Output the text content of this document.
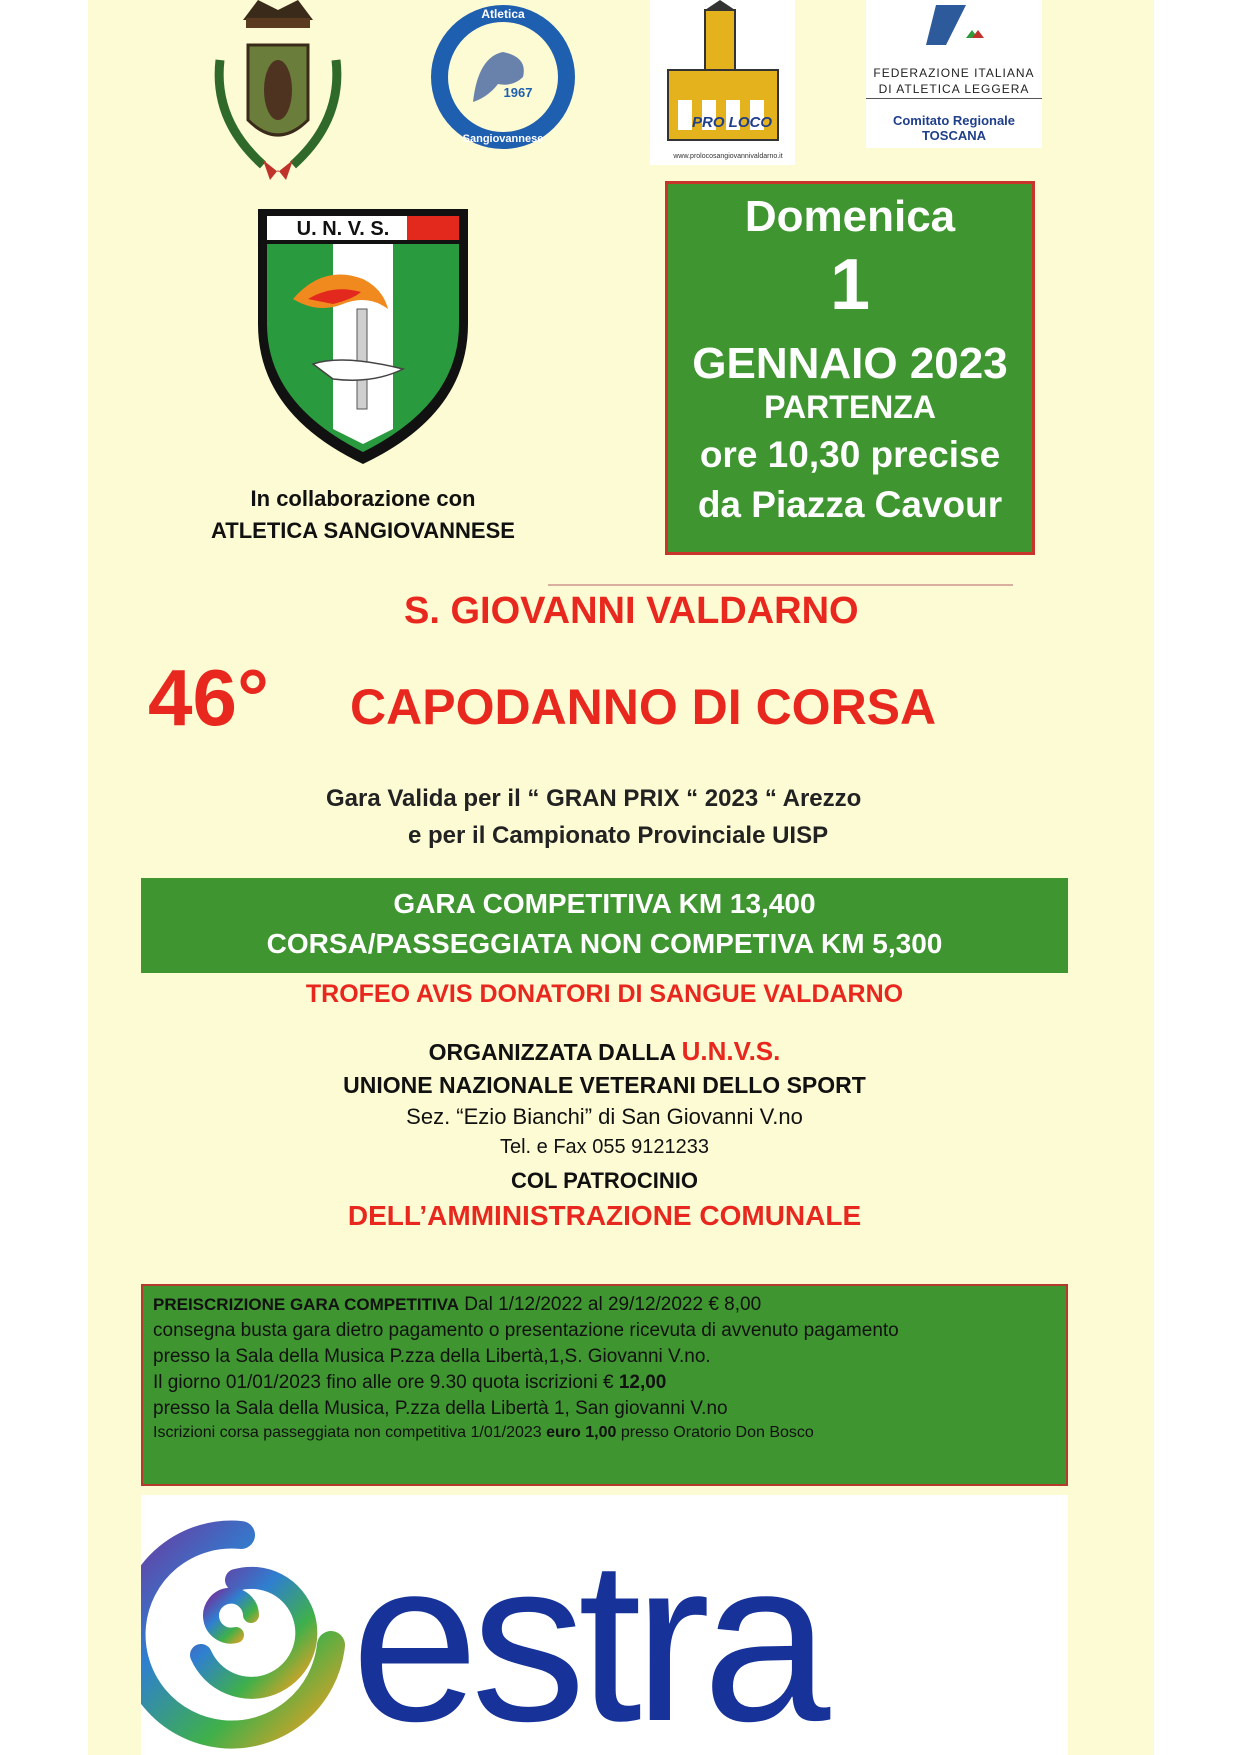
Atletica
1967
Sangiovannese
PRO LOCO
www.prolocosangiovannivaldarno.it
FEDERAZIONE ITALIANA
DI ATLETICA LEGGERA
Comitato Regionale TOSCANA
U. N. V. S.
In collaborazione con
ATLETICA SANGIOVANNESE
Domenica
1
GENNAIO 2023
PARTENZA
ore 10,30 precise
da Piazza Cavour
S. GIOVANNI VALDARNO
46° CAPODANNO DI CORSA
Gara Valida per il “ GRAN PRIX “ 2023 “ Arezzo
e per il Campionato Provinciale UISP
GARA COMPETITIVA KM 13,400
CORSA/PASSEGGIATA NON COMPETIVA KM 5,300
TROFEO AVIS DONATORI DI SANGUE VALDARNO
ORGANIZZATA DALLA U.N.V.S.
UNIONE NAZIONALE VETERANI DELLO SPORT
Sez. “Ezio Bianchi” di San Giovanni V.no
Tel. e Fax 055 9121233
COL PATROCINIO
DELL’AMMINISTRAZIONE COMUNALE
PREISCRIZIONE GARA COMPETITIVA Dal 1/12/2022 al 29/12/2022 € 8,00
consegna busta gara dietro pagamento o presentazione ricevuta di avvenuto pagamento
presso la Sala della Musica P.zza della Libertà,1,S. Giovanni V.no.
Il giorno 01/01/2023 fino alle ore 9.30 quota iscrizioni € 12,00
presso la Sala della Musica, P.zza della Libertà 1, San giovanni V.no
Iscrizioni corsa passeggiata non competitiva 1/01/2023 euro 1,00 presso Oratorio Don Bosco
estra
